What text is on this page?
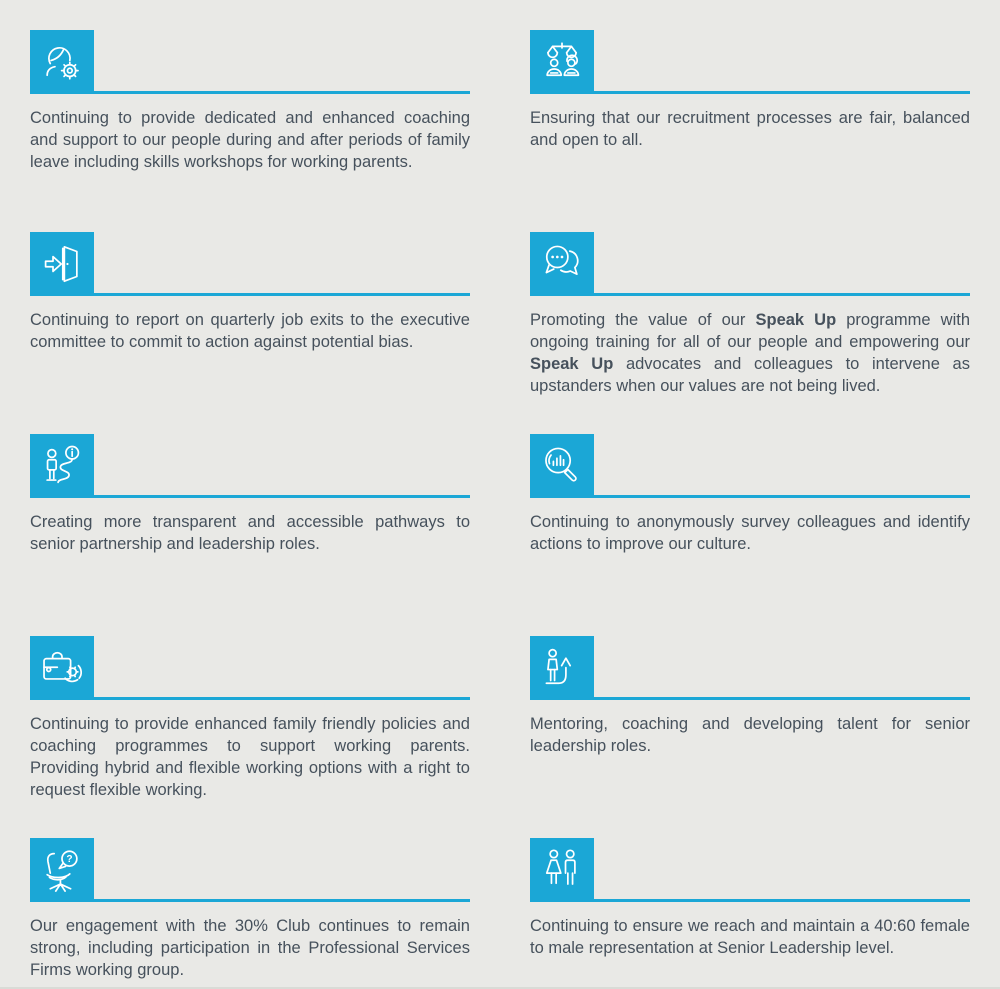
Continuing to provide dedicated and enhanced coaching and support to our people during and after periods of family leave including skills workshops for working parents.

Ensuring that our recruitment processes are fair, balanced and open to all.

Continuing to report on quarterly job exits to the executive committee to commit to action against potential bias.

Promoting the value of our Speak Up programme with ongoing training for all of our people and empowering our Speak Up advocates and colleagues to intervene as upstanders when our values are not being lived.

Creating more transparent and accessible pathways to senior partnership and leadership roles.

Continuing to anonymously survey colleagues and identify actions to improve our culture.

Continuing to provide enhanced family friendly policies and coaching programmes to support working parents. Providing hybrid and flexible working options with a right to request flexible working.

Mentoring, coaching and developing talent for senior leadership roles.

?

Our engagement with the 30% Club continues to remain strong, including participation in the Professional Services Firms working group.

Continuing to ensure we reach and maintain a 40:60 female to male representation at Senior Leadership level.
